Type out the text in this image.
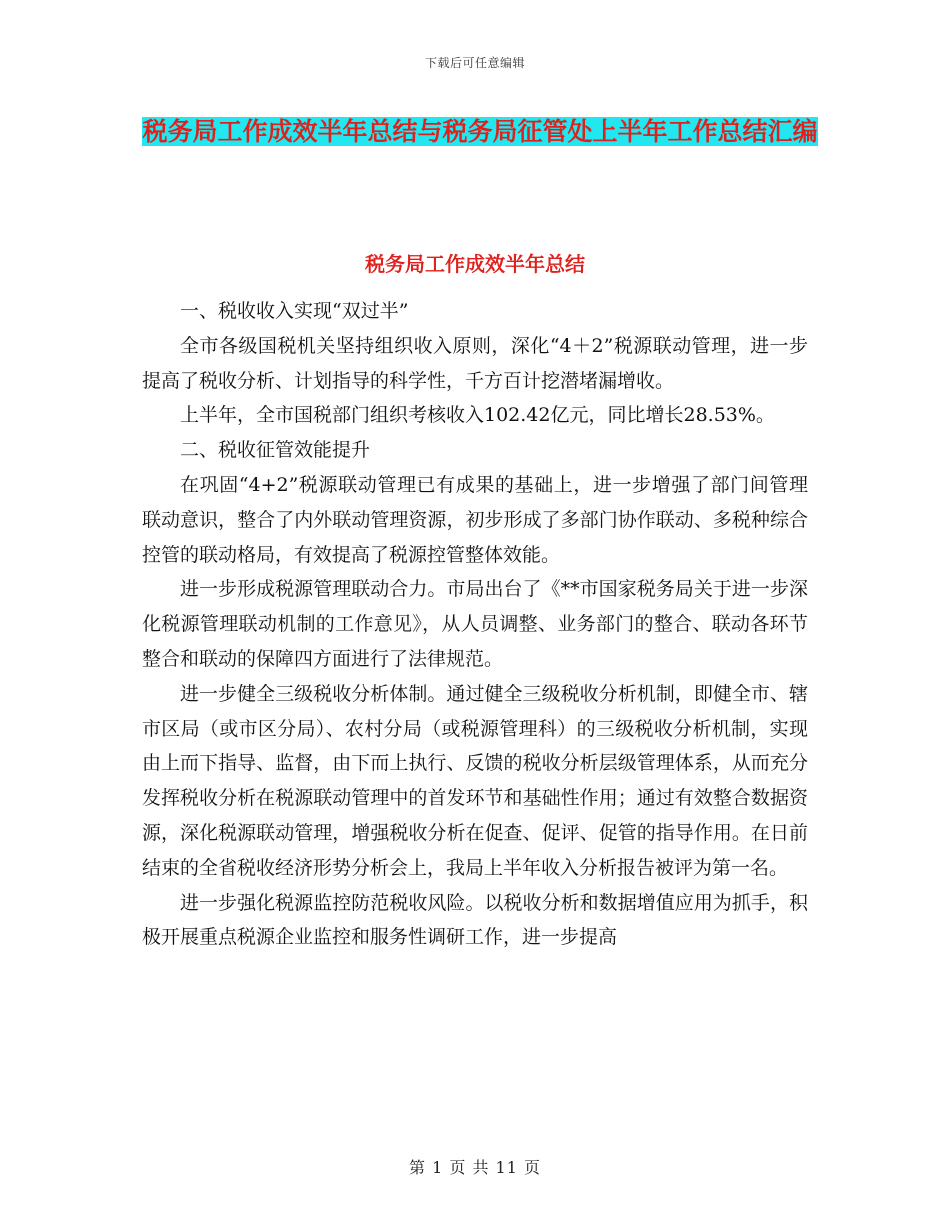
下载后可任意编辑
税务局工作成效半年总结与税务局征管处上半年工作总结汇编
税务局工作成效半年总结

一、税收收入实现“双过半”

全市各级国税机关坚持组织收入原则，深化“4＋2”税源联动管理，进一步提高了税收分析、计划指导的科学性，千方百计挖潜堵漏增收。

上半年，全市国税部门组织考核收入102.42亿元，同比增长28.53%。

二、税收征管效能提升

在巩固“4+2”税源联动管理已有成果的基础上，进一步增强了部门间管理联动意识，整合了内外联动管理资源，初步形成了多部门协作联动、多税种综合控管的联动格局，有效提高了税源控管整体效能。

进一步形成税源管理联动合力。市局出台了《**市国家税务局关于进一步深化税源管理联动机制的工作意见》，从人员调整、业务部门的整合、联动各环节整合和联动的保障四方面进行了法律规范。

进一步健全三级税收分析体制。通过健全三级税收分析机制，即健全市、辖市区局（或市区分局）、农村分局（或税源管理科）的三级税收分析机制，实现由上而下指导、监督，由下而上执行、反馈的税收分析层级管理体系，从而充分发挥税收分析在税源联动管理中的首发环节和基础性作用；通过有效整合数据资源，深化税源联动管理，增强税收分析在促查、促评、促管的指导作用。在日前结束的全省税收经济形势分析会上，我局上半年收入分析报告被评为第一名。

进一步强化税源监控防范税收风险。以税收分析和数据增值应用为抓手，积极开展重点税源企业监控和服务性调研工作，进一步提高

第 1 页 共 11 页
